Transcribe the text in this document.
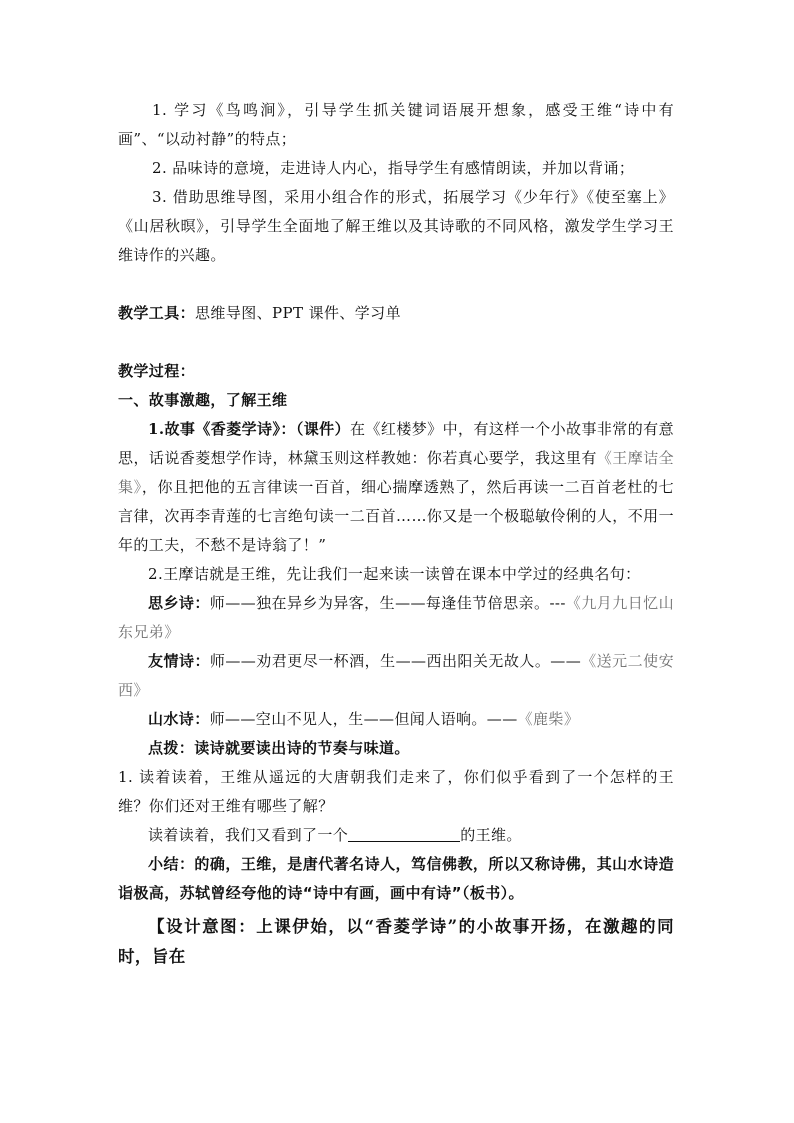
1. 学习《鸟鸣涧》，引导学生抓关键词语展开想象，感受王维“诗中有画”、“以动衬静”的特点；

2. 品味诗的意境，走进诗人内心，指导学生有感情朗读，并加以背诵；

3. 借助思维导图，采用小组合作的形式，拓展学习《少年行》《使至塞上》《山居秋暝》，引导学生全面地了解王维以及其诗歌的不同风格，激发学生学习王维诗作的兴趣。

教学工具：思维导图、PPT 课件、学习单

教学过程：

一、故事激趣，了解王维

1.故事《香菱学诗》：（课件）在《红楼梦》中，有这样一个小故事非常的有意思，话说香菱想学作诗，林黛玉则这样教她：你若真心要学，我这里有《王摩诘全集》，你且把他的五言律读一百首，细心揣摩透熟了，然后再读一二百首老杜的七言律，次再李青莲的七言绝句读一二百首……你又是一个极聪敏伶俐的人，不用一年的工夫，不愁不是诗翁了！”

2.王摩诘就是王维，先让我们一起来读一读曾在课本中学过的经典名句：

思乡诗：师——独在异乡为异客，生——每逢佳节倍思亲。---《九月九日忆山东兄弟》

友情诗：师——劝君更尽一杯酒，生——西出阳关无故人。——《送元二使安西》

山水诗：师——空山不见人，生——但闻人语响。——《鹿柴》

点拨：读诗就要读出诗的节奏与味道。

1. 读着读着，王维从遥远的大唐朝我们走来了，你们似乎看到了一个怎样的王维？你们还对王维有哪些了解？

读着读着，我们又看到了一个	的王维。

小结：的确，王维，是唐代著名诗人，笃信佛教，所以又称诗佛，其山水诗造诣极高，苏轼曾经夸他的诗“诗中有画，画中有诗”（板书）。

【设计意图：上课伊始，以“香菱学诗”的小故事开扬，在激趣的同时，旨在
